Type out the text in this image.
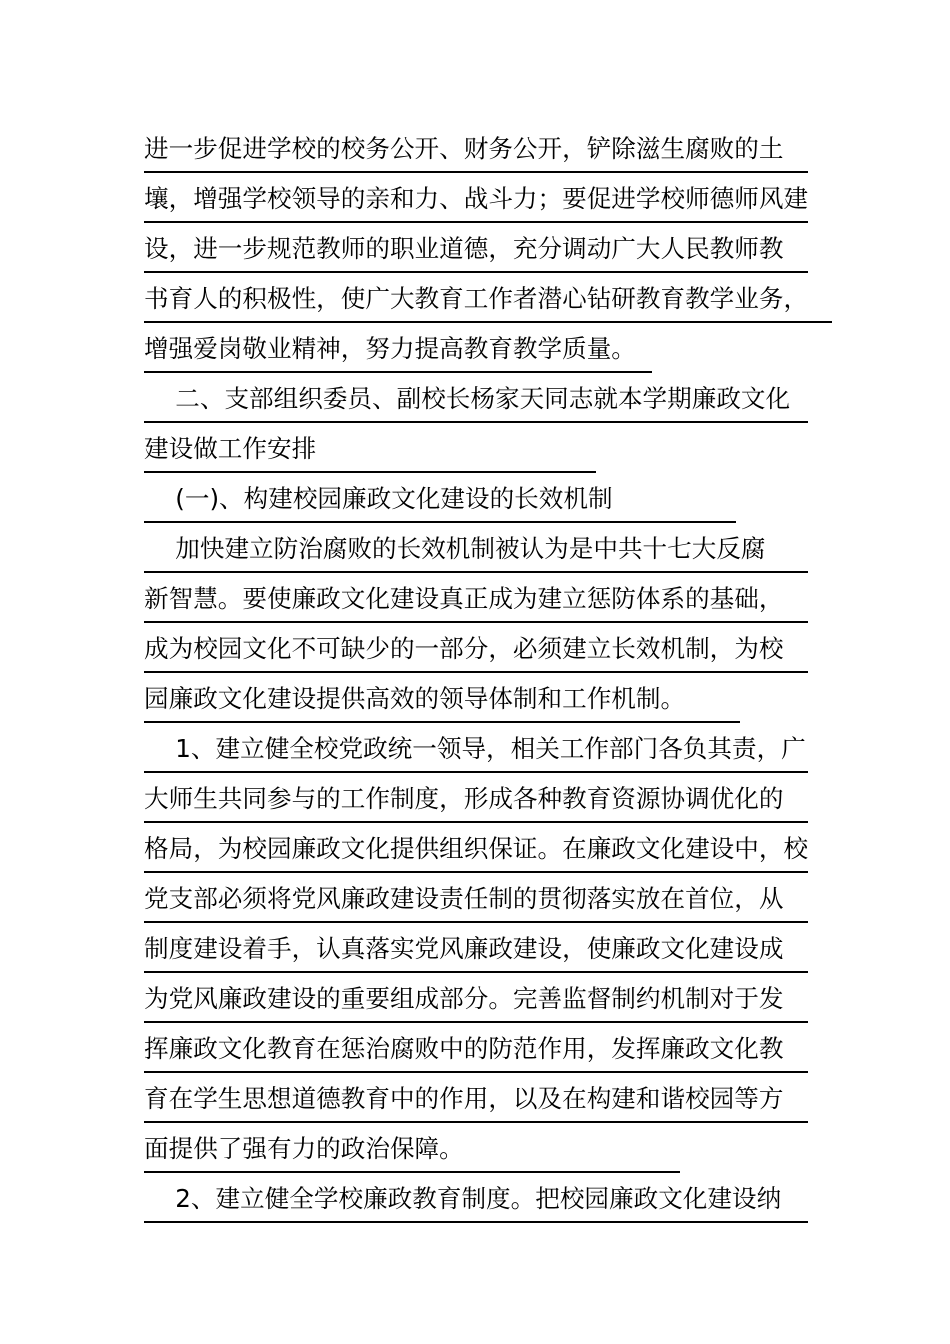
进一步促进学校的校务公开、财务公开，铲除滋生腐败的土
壤，增强学校领导的亲和力、战斗力；要促进学校师德师风建
设，进一步规范教师的职业道德，充分调动广大人民教师教
书育人的积极性，使广大教育工作者潜心钻研教育教学业务，
增强爱岗敬业精神，努力提高教育教学质量。
二、支部组织委员、副校长杨家天同志就本学期廉政文化
建设做工作安排
(一)、构建校园廉政文化建设的长效机制
加快建立防治腐败的长效机制被认为是中共十七大反腐
新智慧。要使廉政文化建设真正成为建立惩防体系的基础，
成为校园文化不可缺少的一部分，必须建立长效机制，为校
园廉政文化建设提供高效的领导体制和工作机制。
1、建立健全校党政统一领导，相关工作部门各负其责，广
大师生共同参与的工作制度，形成各种教育资源协调优化的
格局，为校园廉政文化提供组织保证。在廉政文化建设中，校
党支部必须将党风廉政建设责任制的贯彻落实放在首位，从
制度建设着手，认真落实党风廉政建设，使廉政文化建设成
为党风廉政建设的重要组成部分。完善监督制约机制对于发
挥廉政文化教育在惩治腐败中的防范作用，发挥廉政文化教
育在学生思想道德教育中的作用，以及在构建和谐校园等方
面提供了强有力的政治保障。
2、建立健全学校廉政教育制度。把校园廉政文化建设纳
